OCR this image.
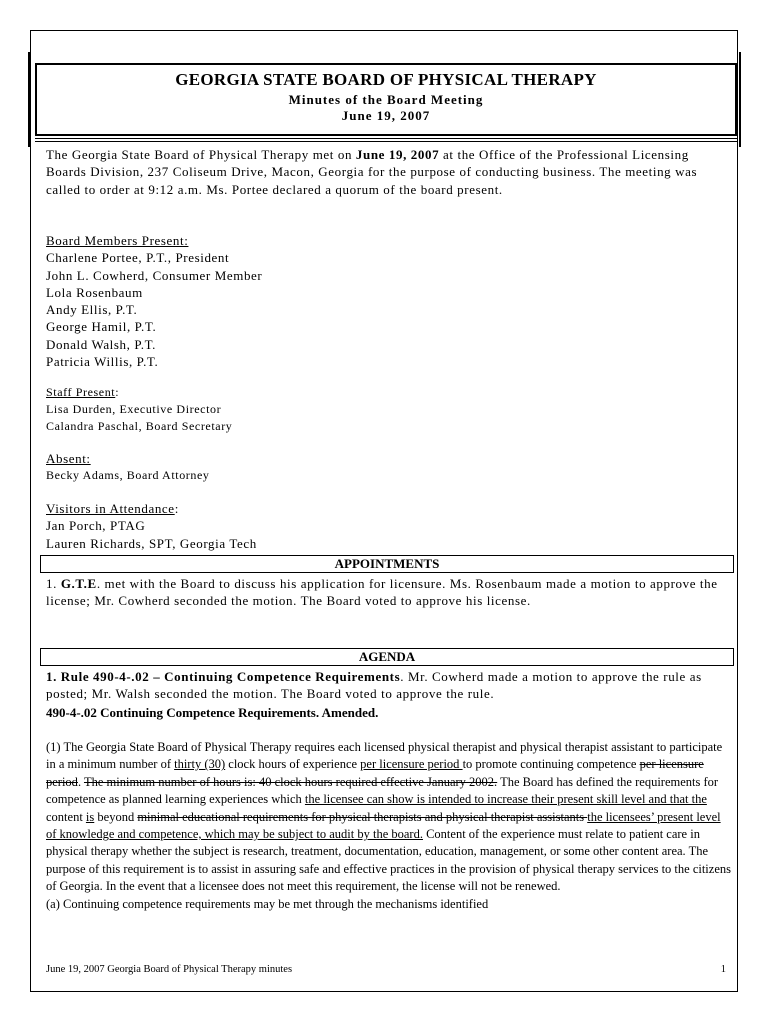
GEORGIA STATE BOARD OF PHYSICAL THERAPY
Minutes of the Board Meeting
June 19, 2007
The Georgia State Board of Physical Therapy met on June 19, 2007 at the Office of the Professional Licensing Boards Division, 237 Coliseum Drive, Macon, Georgia for the purpose of conducting business. The meeting was called to order at 9:12 a.m. Ms. Portee declared a quorum of the board present.
Board Members Present:
Charlene Portee, P.T., President
John L. Cowherd, Consumer Member
Lola Rosenbaum
Andy Ellis, P.T.
George Hamil, P.T.
Donald Walsh, P.T.
Patricia Willis, P.T.
Staff Present:
Lisa Durden, Executive Director
Calandra Paschal, Board Secretary
Absent:
Becky Adams, Board Attorney
Visitors in Attendance:
Jan Porch, PTAG
Lauren Richards, SPT, Georgia Tech
APPOINTMENTS
1. G.T.E. met with the Board to discuss his application for licensure. Ms. Rosenbaum made a motion to approve the license; Mr. Cowherd seconded the motion. The Board voted to approve his license.
AGENDA
1. Rule 490-4-.02 – Continuing Competence Requirements. Mr. Cowherd made a motion to approve the rule as posted; Mr. Walsh seconded the motion. The Board voted to approve the rule.
490-4-.02 Continuing Competence Requirements. Amended.
(1) The Georgia State Board of Physical Therapy requires each licensed physical therapist and physical therapist assistant to participate in a minimum number of thirty (30) clock hours of experience per licensure period to promote continuing competence per licensure period. The minimum number of hours is: 40 clock hours required effective January 2002. The Board has defined the requirements for competence as planned learning experiences which the licensee can show is intended to increase their present skill level and that the content is beyond minimal educational requirements for physical therapists and physical therapist assistants the licensees’ present level of knowledge and competence, which may be subject to audit by the board. Content of the experience must relate to patient care in physical therapy whether the subject is research, treatment, documentation, education, management, or some other content area. The purpose of this requirement is to assist in assuring safe and effective practices in the provision of physical therapy services to the citizens of Georgia. In the event that a licensee does not meet this requirement, the license will not be renewed.
(a) Continuing competence requirements may be met through the mechanisms identified
June 19, 2007 Georgia Board of Physical Therapy minutes	1
